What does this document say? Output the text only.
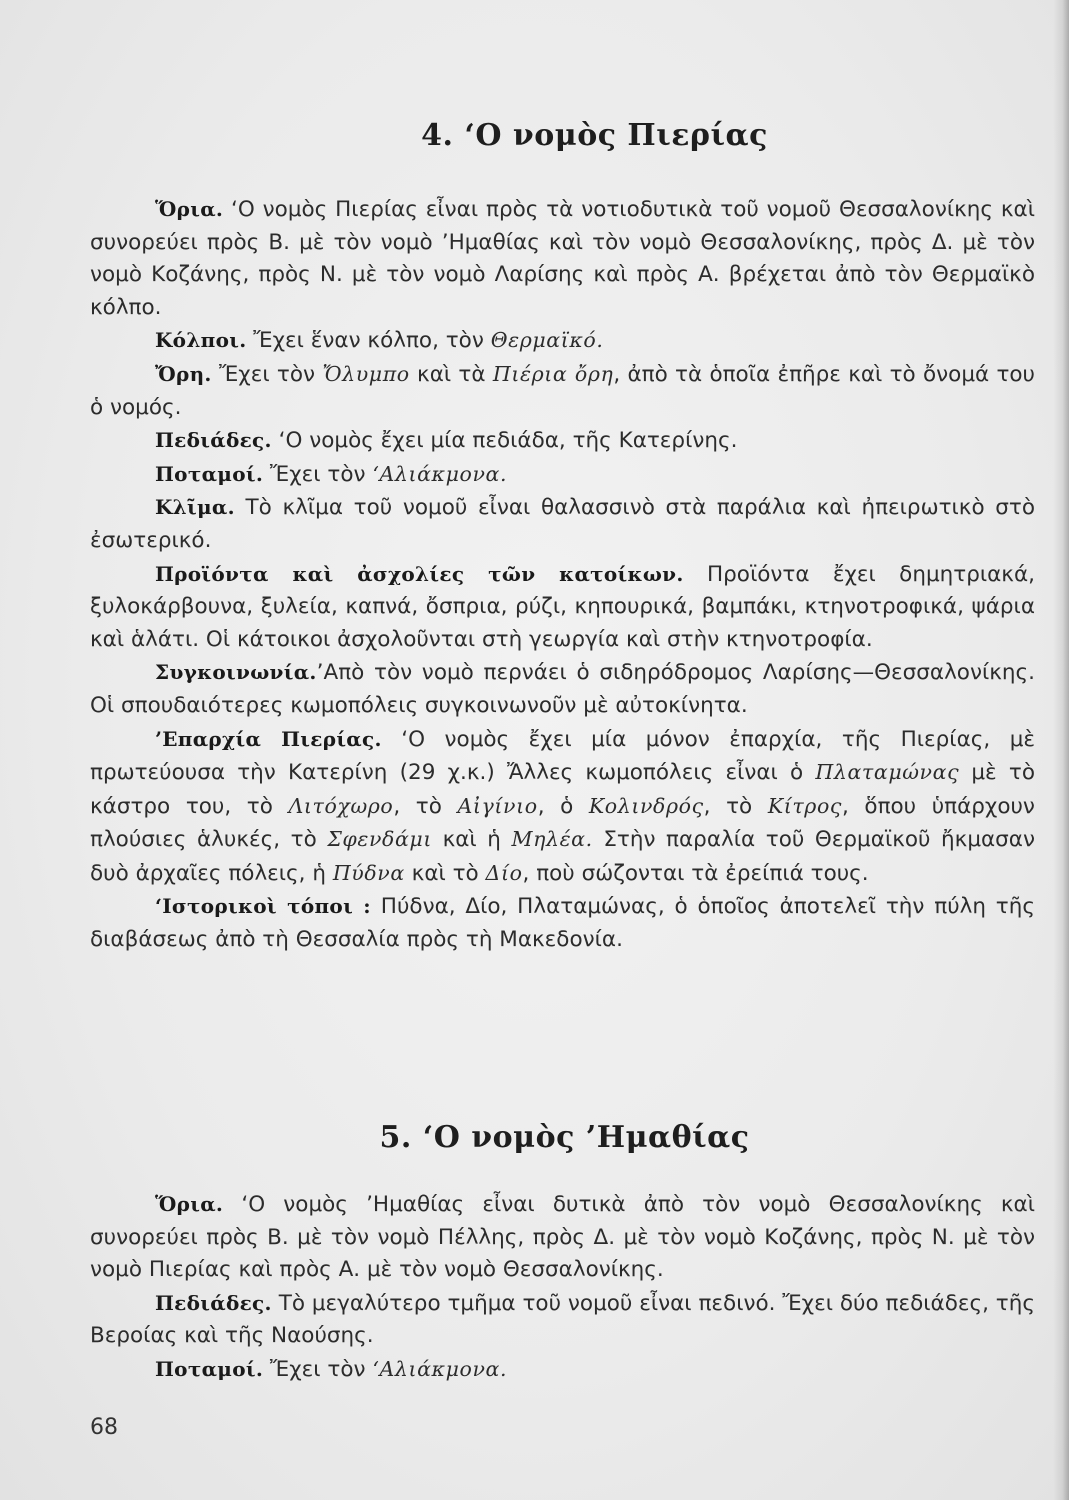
4. ‘Ο νομὸς Πιερίας

Ὅρια. ‘Ο νομὸς Πιερίας εἶναι πρὸς τὰ νοτιοδυτικὰ τοῦ νομοῦ Θεσσαλονίκης καὶ συνορεύει πρὸς Β. μὲ τὸν νομὸ ’Ημαθίας καὶ τὸν νομὸ Θεσσαλονίκης, πρὸς Δ. μὲ τὸν νομὸ Κοζάνης, πρὸς Ν. μὲ τὸν νομὸ Λαρίσης καὶ πρὸς Α. βρέχεται ἀπὸ τὸν Θερμαϊκὸ κόλπο.

Κόλποι. Ἔχει ἕναν κόλπο, τὸν Θερμαϊκό.

Ὄρη. Ἔχει τὸν Ὄλυμπο καὶ τὰ Πιέρια ὄρη, ἀπὸ τὰ ὁποῖα ἐπῆρε καὶ τὸ ὄνομά του ὁ νομός.

Πεδιάδες. ‘Ο νομὸς ἔχει μία πεδιάδα, τῆς Κατερίνης.

Ποταμοί. Ἔχει τὸν ‘Αλιάκμονα.

Κλῖμα. Τὸ κλῖμα τοῦ νομοῦ εἶναι θαλασσινὸ στὰ παράλια καὶ ἠπειρωτικὸ στὸ ἐσωτερικό.

Προϊόντα καὶ ἀσχολίες τῶν κατοίκων. Προϊόντα ἔχει δημητριακά, ξυλοκάρβουνα, ξυλεία, καπνά, ὄσπρια, ρύζι, κηπουρικά, βαμπάκι, κτηνοτροφικά, ψάρια καὶ ἁλάτι. Οἱ κάτοικοι ἀσχολοῦνται στὴ γεωργία καὶ στὴν κτηνοτροφία.

Συγκοινωνία.’Απὸ τὸν νομὸ περνάει ὁ σιδηρόδρομος Λαρίσης—Θεσσαλονίκης. Οἱ σπουδαιότερες κωμοπόλεις συγκοινωνοῦν μὲ αὐτοκίνητα.

’Επαρχία Πιερίας. ‘Ο νομὸς ἔχει μία μόνον ἐπαρχία, τῆς Πιερίας, μὲ πρωτεύουσα τὴν Κατερίνη (29 χ.κ.) Ἄλλες κωμοπόλεις εἶναι ὁ Πλαταμώνας μὲ τὸ κάστρο του, τὸ Λιτόχωρο, τὸ Αἰγίνιο, ὁ Κολινδρός, τὸ Κίτρος, ὅπου ὑπάρχουν πλούσιες ἁλυκές, τὸ Σφενδάμι καὶ ἡ Μηλέα. Στὴν παραλία τοῦ Θερμαϊκοῦ ἤκμασαν δυὸ ἀρχαῖες πόλεις, ἡ Πύδνα καὶ τὸ Δίο, ποὺ σώζονται τὰ ἐρείπιά τους.

‘Ιστορικοὶ τόποι : Πύδνα, Δίο, Πλαταμώνας, ὁ ὁποῖος ἀποτελεῖ τὴν πύλη τῆς διαβάσεως ἀπὸ τὴ Θεσσαλία πρὸς τὴ Μακεδονία.

5. ‘Ο νομὸς ’Ημαθίας

Ὅρια. ‘Ο νομὸς ’Ημαθίας εἶναι δυτικὰ ἀπὸ τὸν νομὸ Θεσσαλονίκης καὶ συνορεύει πρὸς Β. μὲ τὸν νομὸ Πέλλης, πρὸς Δ. μὲ τὸν νομὸ Κοζάνης, πρὸς Ν. μὲ τὸν νομὸ Πιερίας καὶ πρὸς Α. μὲ τὸν νομὸ Θεσσαλονίκης.

Πεδιάδες. Τὸ μεγαλύτερο τμῆμα τοῦ νομοῦ εἶναι πεδινό. Ἔχει δύο πεδιάδες, τῆς Βεροίας καὶ τῆς Ναούσης.

Ποταμοί. Ἔχει τὸν ‘Αλιάκμονα.

68
